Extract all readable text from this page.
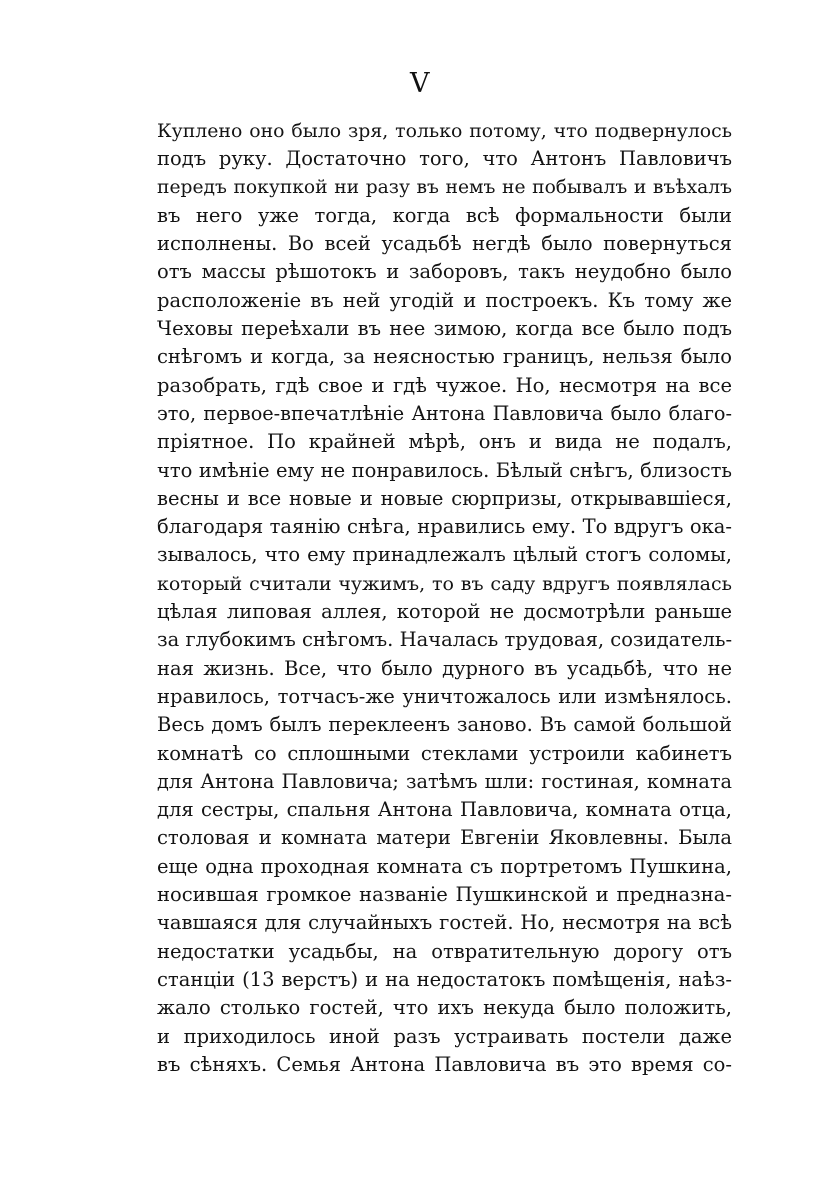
V
Куплено оно было зря, только потому, что подвернулось
подъ руку. Достаточно того, что Антонъ Павловичъ
передъ покупкой ни разу въ немъ не побывалъ и въѣхалъ
въ него уже тогда, когда всѣ формальности были
исполнены. Во всей усадьбѣ негдѣ было повернуться
отъ массы рѣшотокъ и заборовъ, такъ неудобно было
расположенiе въ ней угодiй и построекъ. Къ тому же
Чеховы переѣхали въ нее зимою, когда все было подъ
снѣгомъ и когда, за неясностью границъ, нельзя было
разобрать, гдѣ свое и гдѣ чужое. Но, несмотря на все
это, первое-впечатлѣнiе Антона Павловича было благо-
прiятное. По крайней мѣрѣ, онъ и вида не подалъ,
что имѣнiе ему не понравилось. Бѣлый снѣгъ, близость
весны и все новые и новые сюрпризы, открывавшiеся,
благодаря таянiю снѣга, нравились ему. То вдругъ ока-
зывалось, что ему принадлежалъ цѣлый стогъ соломы,
который считали чужимъ, то въ саду вдругъ появлялась
цѣлая липовая аллея, которой не досмотрѣли раньше
за глубокимъ снѣгомъ. Началась трудовая, созидатель-
ная жизнь. Все, что было дурного въ усадьбѣ, что не
нравилось, тотчасъ-же уничтожалось или измѣнялось.
Весь домъ былъ переклеенъ заново. Въ самой большой
комнатѣ со сплошными стеклами устроили кабинетъ
для Антона Павловича; затѣмъ шли: гостиная, комната
для сестры, спальня Антона Павловича, комната отца,
столовая и комната матери Евгенiи Яковлевны. Была
еще одна проходная комната съ портретомъ Пушкина,
носившая громкое названiе Пушкинской и предназна-
чавшаяся для случайныхъ гостей. Но, несмотря на всѣ
недостатки усадьбы, на отвратительную дорогу отъ
станцiи (13 верстъ) и на недостатокъ помѣщенiя, наѣз-
жало столько гостей, что ихъ некуда было положить,
и приходилось иной разъ устраивать постели даже
въ сѣняхъ. Семья Антона Павловича въ это время со-
